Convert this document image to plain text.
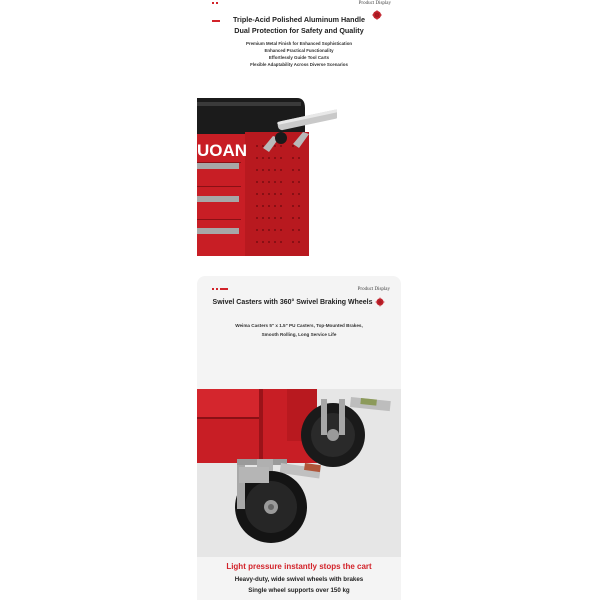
Product Display
Triple-Acid Polished Aluminum Handle
Dual Protection for Safety and Quality
Premium Metal Finish for Enhanced Sophistication
Enhanced Practical Functionality
Effortlessly Guide Tool Carts
Flexible Adaptability Across Diverse Scenarios
UOAN
Product Display
Swivel Casters with 360° Swivel Braking Wheels
Weima Casters 5" x 1.5" PU Casters, Top-Mounted Brakes,
Smooth Rolling, Long Service Life
Light pressure instantly stops the cart
Heavy-duty, wide swivel wheels with brakes
Single wheel supports over 150 kg
